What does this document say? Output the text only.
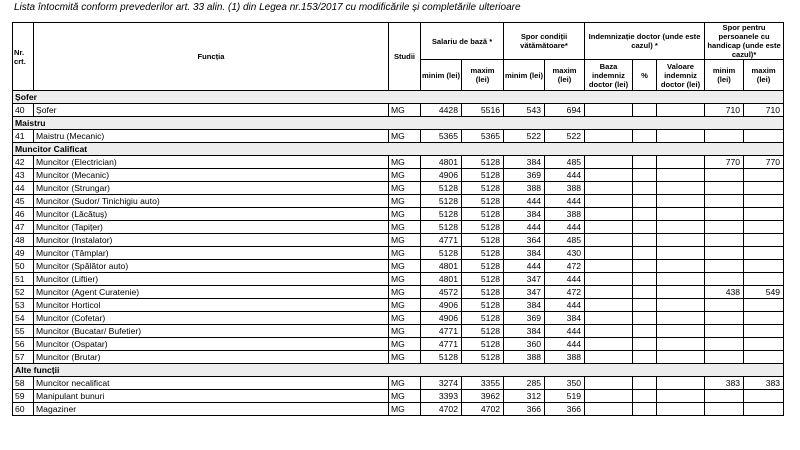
Lista întocmită conform prevederilor art. 33 alin. (1) din Legea nr.153/2017 cu modificările și completările ulterioare
Nr. crt.	Funcția	Studii	Salariu de bază *		Spor condiții vătămătoare*		Indemnizație doctor (unde este cazul) *			Spor pentru persoanele cu handicap (unde este cazul)*	
			minim (lei)	maxim (lei)	minim (lei)	maxim (lei)	Baza indemniz doctor (lei)	%	Valoare indemniz doctor (lei)	minim (lei)	maxim (lei)
Șofer											
40	Șofer	MG	4428	5516	543	694				710	710
Maistru											
41	Maistru (Mecanic)	MG	5365	5365	522	522					
Muncitor Calificat											
42	Muncitor (Electrician)	MG	4801	5128	384	485				770	770
43	Muncitor (Mecanic)	MG	4906	5128	369	444					
44	Muncitor (Strungar)	MG	5128	5128	388	388					
45	Muncitor (Sudor/ Tinichigiu auto)	MG	5128	5128	444	444					
46	Muncitor (Lăcătuș)	MG	5128	5128	384	388					
47	Muncitor (Tapițer)	MG	5128	5128	444	444					
48	Muncitor (Instalator)	MG	4771	5128	364	485					
49	Muncitor (Tâmplar)	MG	5128	5128	384	430					
50	Muncitor (Spălător auto)	MG	4801	5128	444	472					
51	Muncitor (Liftier)	MG	4801	5128	347	444					
52	Muncitor (Agent Curatenie)	MG	4572	5128	347	472				438	549
53	Muncitor Horticol	MG	4906	5128	384	444					
54	Muncitor (Cofetar)	MG	4906	5128	369	384					
55	Muncitor (Bucatar/ Bufetier)	MG	4771	5128	384	444					
56	Muncitor (Ospatar)	MG	4771	5128	360	444					
57	Muncitor (Brutar)	MG	5128	5128	388	388					
Alte funcții											
58	Muncitor necalificat	MG	3274	3355	285	350				383	383
59	Manipulant bunuri	MG	3393	3962	312	519					
60	Magaziner	MG	4702	4702	366	366					
